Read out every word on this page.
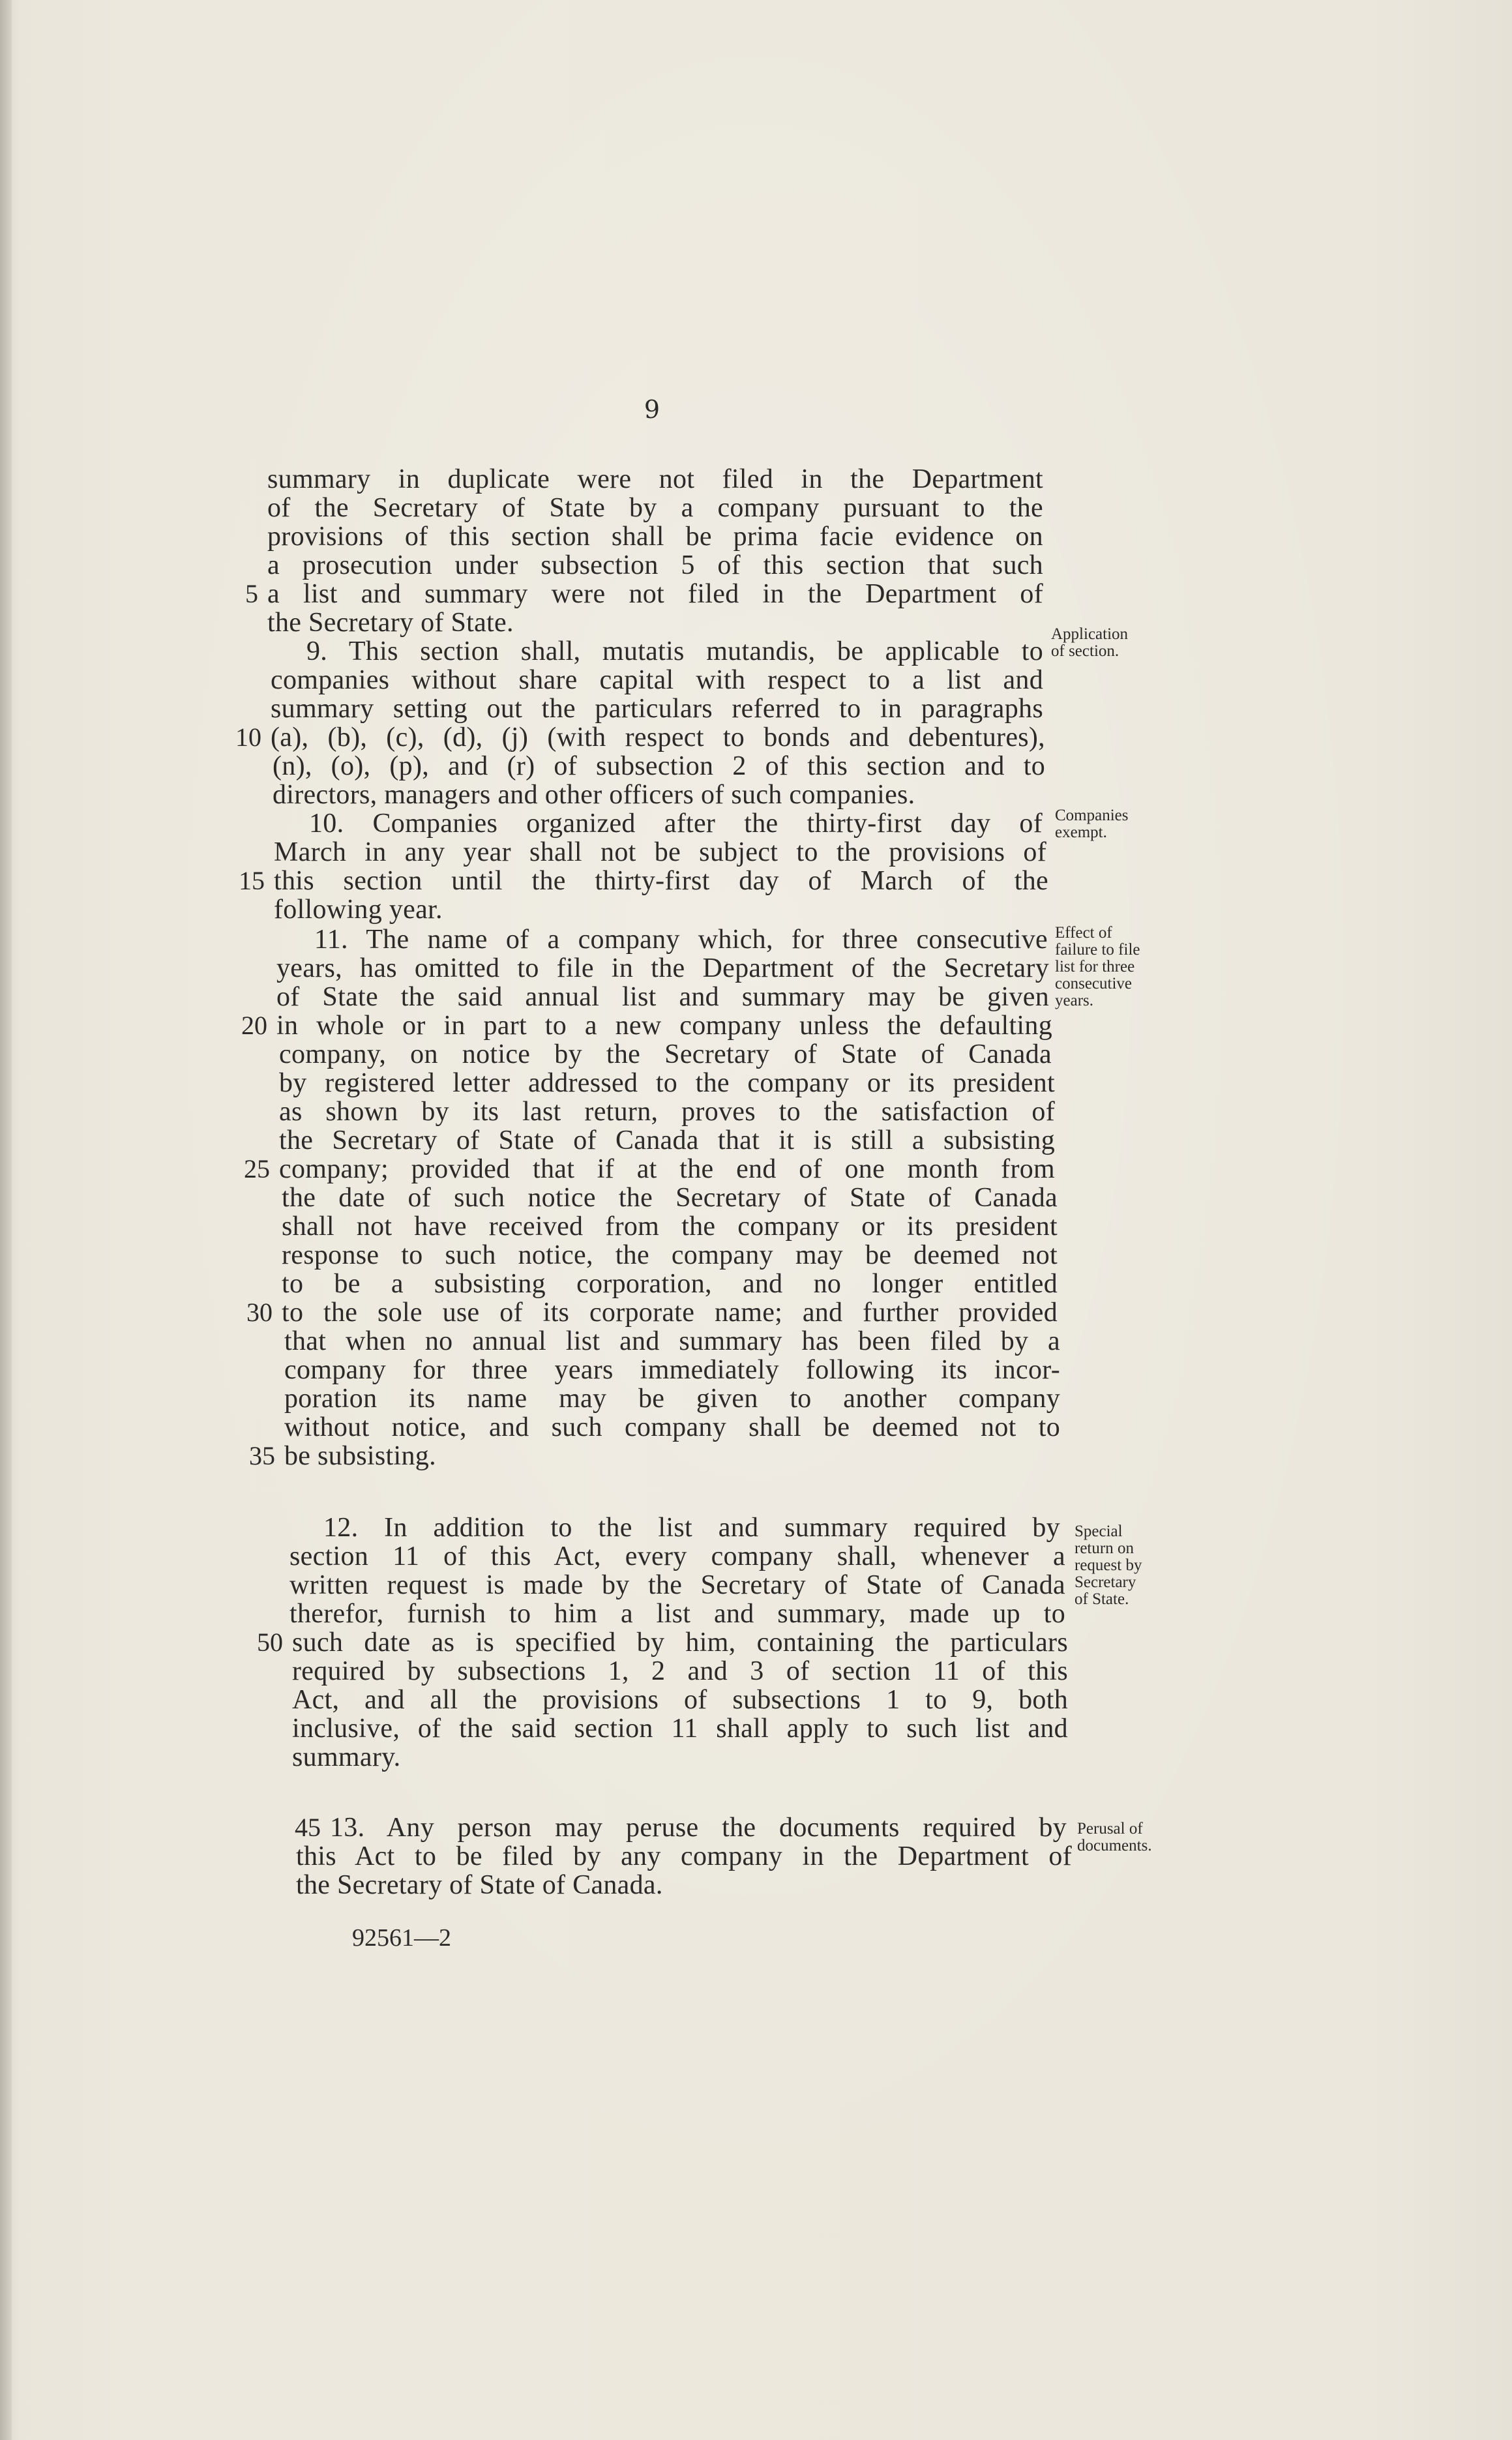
9
summary in duplicate were not filed in the Department
of the Secretary of State by a company pursuant to the
provisions of this section shall be prima facie evidence on
a prosecution under subsection 5 of this section that such
5 a list and summary were not filed in the Department of
the Secretary of State.
9. This section shall, mutatis mutandis, be applicable to
companies without share capital with respect to a list and
summary setting out the particulars referred to in paragraphs
10 (a), (b), (c), (d), (j) (with respect to bonds and debentures),
(n), (o), (p), and (r) of subsection 2 of this section and to
directors, managers and other officers of such companies.
10. Companies organized after the thirty-first day of
March in any year shall not be subject to the provisions of
15 this section until the thirty-first day of March of the
following year.
11. The name of a company which, for three consecutive
years, has omitted to file in the Department of the Secretary
of State the said annual list and summary may be given
20 in whole or in part to a new company unless the defaulting
company, on notice by the Secretary of State of Canada
by registered letter addressed to the company or its president
as shown by its last return, proves to the satisfaction of
the Secretary of State of Canada that it is still a subsisting
25 company; provided that if at the end of one month from
the date of such notice the Secretary of State of Canada
shall not have received from the company or its president
response to such notice, the company may be deemed not
to be a subsisting corporation, and no longer entitled
30 to the sole use of its corporate name; and further provided
that when no annual list and summary has been filed by a
company for three years immediately following its incor-
poration its name may be given to another company
without notice, and such company shall be deemed not to
35 be subsisting.
12. In addition to the list and summary required by
section 11 of this Act, every company shall, whenever a
written request is made by the Secretary of State of Canada
therefor, furnish to him a list and summary, made up to
50 such date as is specified by him, containing the particulars
required by subsections 1, 2 and 3 of section 11 of this
Act, and all the provisions of subsections 1 to 9, both
inclusive, of the said section 11 shall apply to such list and
summary.
45 13. Any person may peruse the documents required by
this Act to be filed by any company in the Department of
the Secretary of State of Canada.
Application
of section.
Companies
exempt.
Effect of
failure to file
list for three
consecutive
years.
Special
return on
request by
Secretary
of State.
Perusal of
documents.
92561—2
